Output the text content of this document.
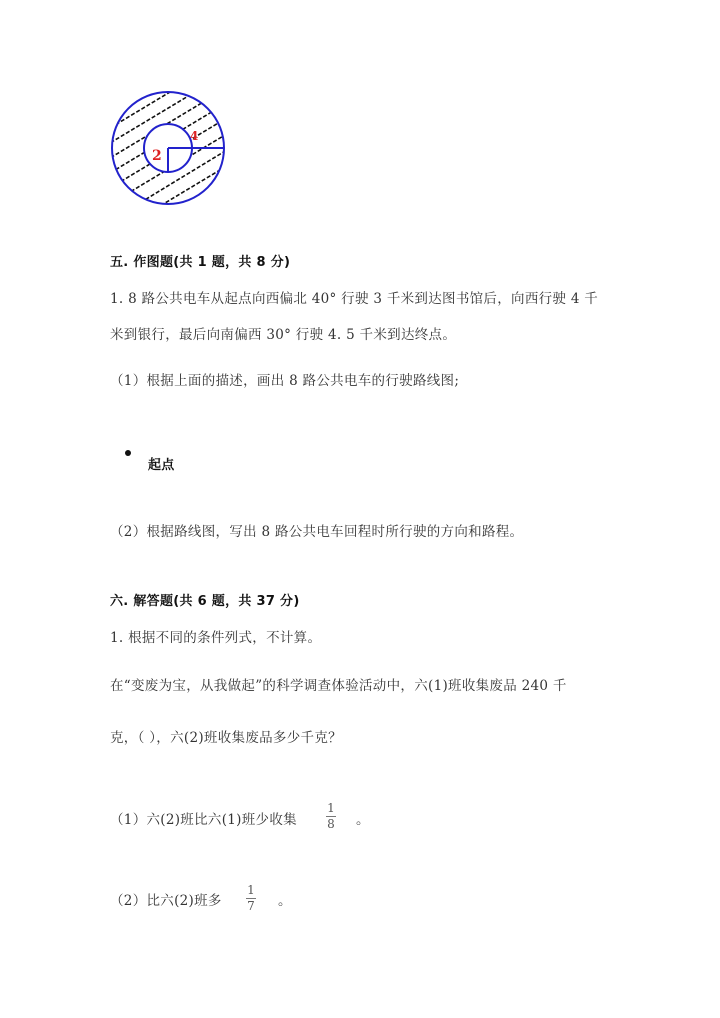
2
4
五. 作图题(共 1 题，共 8 分)
1. 8 路公共电车从起点向西偏北 40° 行驶 3 千米到达图书馆后，向西行驶 4 千
米到银行，最后向南偏西 30° 行驶 4. 5 千米到达终点。
（1）根据上面的描述，画出 8 路公共电车的行驶路线图;
起点
（2）根据路线图，写出 8 路公共电车回程时所行驶的方向和路程。
六. 解答题(共 6 题，共 37 分)
1. 根据不同的条件列式，不计算。
在“变废为宝，从我做起”的科学调查体验活动中，六(1)班收集废品 240 千
克，（ ），六(2)班收集废品多少千克？
（1）六(2)班比六(1)班少收集
1
8 。
（2）比六(2)班多
1
7 。
